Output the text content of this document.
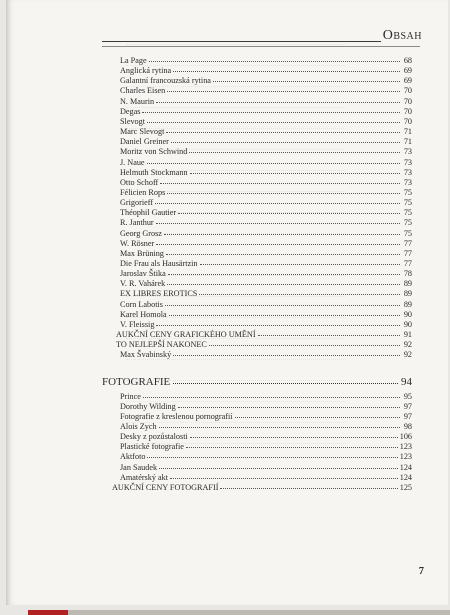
Obsah
La Page	68
Anglická rytina	69
Galantní francouzská rytina	69
Charles Eisen	70
N. Maurin	70
Degas	70
Slevogt	70
Marc Slevogt	71
Daniel Greiner	71
Moritz von Schwind	73
J. Naue	73
Helmuth Stockmann	73
Otto Schoff	73
Félicien Rops	75
Grigorieff	75
Théophil Gautier	75
R. Janthur	75
Georg Grosz	75
W. Rösner	77
Max Brüning	77
Die Frau als Hausärtzin	77
Jaroslav Štika	78
V. R. Vahárek	89
EX LIBRES EROTICS	89
Corn Labotis	89
Karel Homola	90
V. Fleissig	90
AUKČNÍ CENY GRAFICKÉHO UMĚNÍ	91
TO NEJLEPŠÍ NAKONEC	92
Max Švabinský	92
FOTOGRAFIE	94
Prince	95
Dorothy Wilding	97
Fotografie z kreslenou pornografií	97
Alois Zych	98
Desky z pozůstalosti	106
Plastické fotografie	123
Aktfoto	123
Jan Saudek	124
Amatérský akt	124
AUKČNÍ CENY FOTOGRAFIÍ	125
7
